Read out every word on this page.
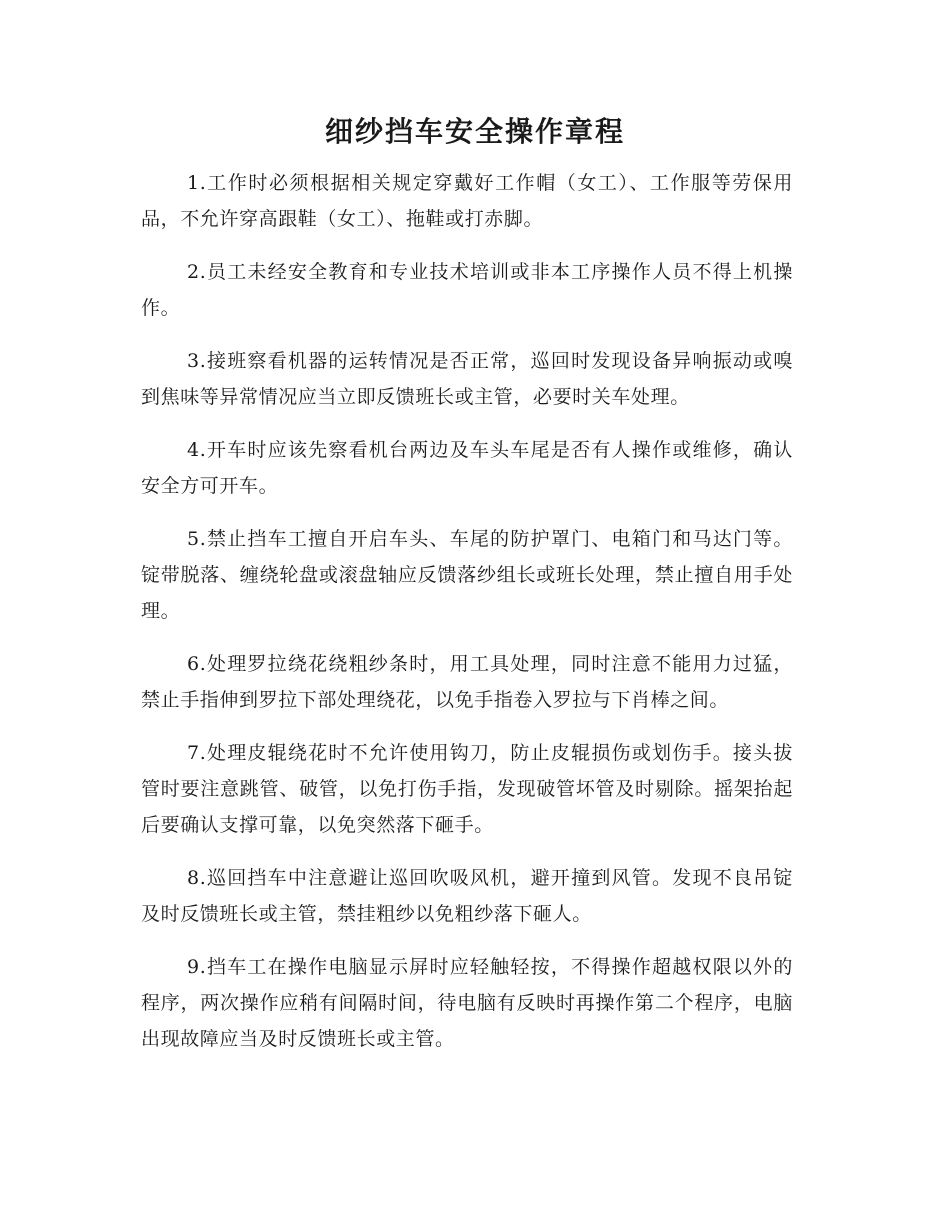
细纱挡车安全操作章程

1.工作时必须根据相关规定穿戴好工作帽（女工）、工作服等劳保用品，不允许穿高跟鞋（女工）、拖鞋或打赤脚。

2.员工未经安全教育和专业技术培训或非本工序操作人员不得上机操作。

3.接班察看机器的运转情况是否正常，巡回时发现设备异响振动或嗅到焦味等异常情况应当立即反馈班长或主管，必要时关车处理。

4.开车时应该先察看机台两边及车头车尾是否有人操作或维修，确认安全方可开车。

5.禁止挡车工擅自开启车头、车尾的防护罩门、电箱门和马达门等。锭带脱落、缠绕轮盘或滚盘轴应反馈落纱组长或班长处理，禁止擅自用手处理。

6.处理罗拉绕花绕粗纱条时，用工具处理，同时注意不能用力过猛，禁止手指伸到罗拉下部处理绕花，以免手指卷入罗拉与下肖棒之间。

7.处理皮辊绕花时不允许使用钩刀，防止皮辊损伤或划伤手。接头拔管时要注意跳管、破管，以免打伤手指，发现破管坏管及时剔除。摇架抬起后要确认支撑可靠，以免突然落下砸手。

8.巡回挡车中注意避让巡回吹吸风机，避开撞到风管。发现不良吊锭及时反馈班长或主管，禁挂粗纱以免粗纱落下砸人。

9.挡车工在操作电脑显示屏时应轻触轻按，不得操作超越权限以外的程序，两次操作应稍有间隔时间，待电脑有反映时再操作第二个程序，电脑出现故障应当及时反馈班长或主管。
